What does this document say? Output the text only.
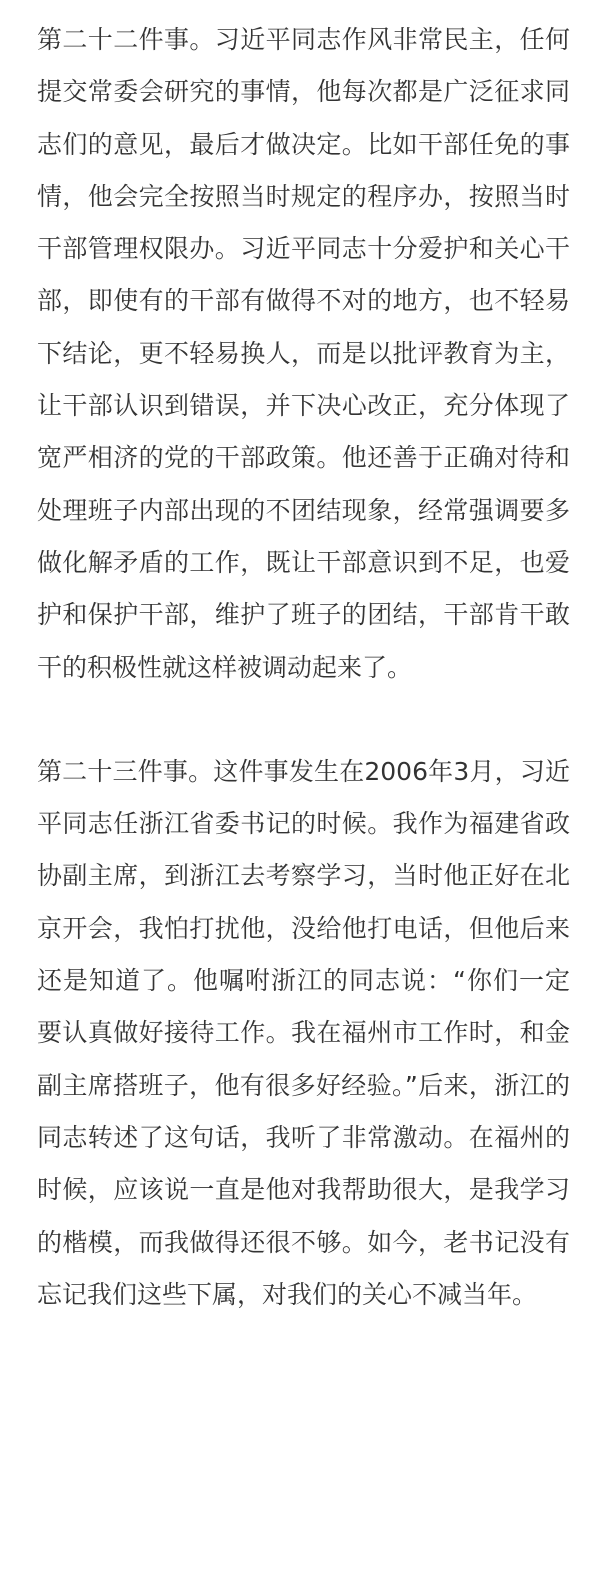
第二十二件事。习近平同志作风非常民主，任何提交常委会研究的事情，他每次都是广泛征求同志们的意见，最后才做决定。比如干部任免的事情，他会完全按照当时规定的程序办，按照当时干部管理权限办。习近平同志十分爱护和关心干部，即使有的干部有做得不对的地方，也不轻易下结论，更不轻易换人，而是以批评教育为主，让干部认识到错误，并下决心改正，充分体现了宽严相济的党的干部政策。他还善于正确对待和处理班子内部出现的不团结现象，经常强调要多做化解矛盾的工作，既让干部意识到不足，也爱护和保护干部，维护了班子的团结，干部肯干敢干的积极性就这样被调动起来了。

第二十三件事。这件事发生在2006年3月，习近平同志任浙江省委书记的时候。我作为福建省政协副主席，到浙江去考察学习，当时他正好在北京开会，我怕打扰他，没给他打电话，但他后来还是知道了。他嘱咐浙江的同志说：“你们一定要认真做好接待工作。我在福州市工作时，和金副主席搭班子，他有很多好经验。”后来，浙江的同志转述了这句话，我听了非常激动。在福州的时候，应该说一直是他对我帮助很大，是我学习的楷模，而我做得还很不够。如今，老书记没有忘记我们这些下属，对我们的关心不减当年。
